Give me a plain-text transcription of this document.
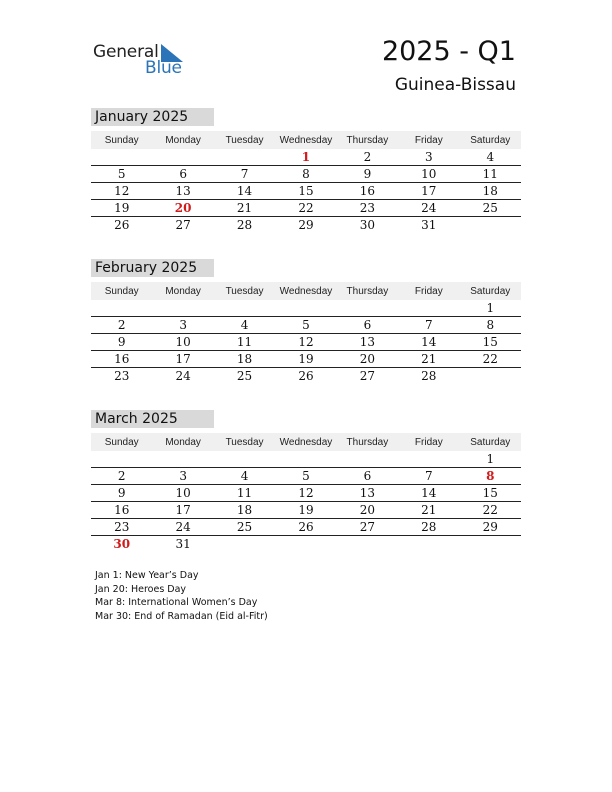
General
Blue
2025 - Q1
Guinea-Bissau
January 2025
Sunday	Monday	Tuesday	Wednesday	Thursday	Friday	Saturday
			1	2	3	4
5	6	7	8	9	10	11
12	13	14	15	16	17	18
19	20	21	22	23	24	25
26	27	28	29	30	31	
February 2025
Sunday	Monday	Tuesday	Wednesday	Thursday	Friday	Saturday
						1
2	3	4	5	6	7	8
9	10	11	12	13	14	15
16	17	18	19	20	21	22
23	24	25	26	27	28	
March 2025
Sunday	Monday	Tuesday	Wednesday	Thursday	Friday	Saturday
						1
2	3	4	5	6	7	8
9	10	11	12	13	14	15
16	17	18	19	20	21	22
23	24	25	26	27	28	29
30	31					
Jan 1: New Year’s Day
Jan 20: Heroes Day
Mar 8: International Women’s Day
Mar 30: End of Ramadan (Eid al-Fitr)
